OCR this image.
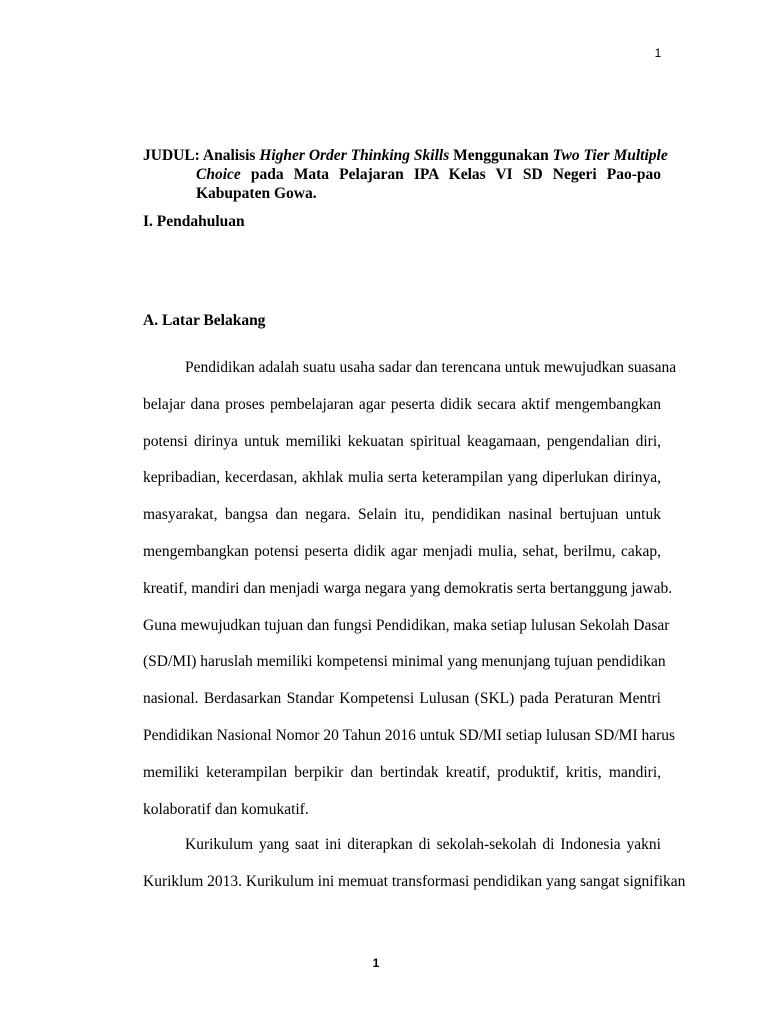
1
JUDUL: Analisis Higher Order Thinking Skills Menggunakan Two Tier Multiple
Choice pada Mata Pelajaran IPA Kelas VI SD Negeri Pao-pao
Kabupaten Gowa.
I. Pendahuluan
A. Latar Belakang
Pendidikan adalah suatu usaha sadar dan terencana untuk mewujudkan suasana
belajar dana proses pembelajaran agar peserta didik secara aktif mengembangkan
potensi dirinya untuk memiliki kekuatan spiritual keagamaan, pengendalian diri,
kepribadian, kecerdasan, akhlak mulia serta keterampilan yang diperlukan dirinya,
masyarakat, bangsa dan negara. Selain itu, pendidikan nasinal bertujuan untuk
mengembangkan potensi peserta didik agar menjadi mulia, sehat, berilmu, cakap,
kreatif, mandiri dan menjadi warga negara yang demokratis serta bertanggung jawab.
Guna mewujudkan tujuan dan fungsi Pendidikan, maka setiap lulusan Sekolah Dasar
(SD/MI) haruslah memiliki kompetensi minimal yang menunjang tujuan pendidikan
nasional. Berdasarkan Standar Kompetensi Lulusan (SKL) pada Peraturan Mentri
Pendidikan Nasional Nomor 20 Tahun 2016 untuk SD/MI setiap lulusan SD/MI harus
memiliki keterampilan berpikir dan bertindak kreatif, produktif, kritis, mandiri,
kolaboratif dan komukatif.
Kurikulum yang saat ini diterapkan di sekolah-sekolah di Indonesia yakni
Kuriklum 2013. Kurikulum ini memuat transformasi pendidikan yang sangat signifikan
1
